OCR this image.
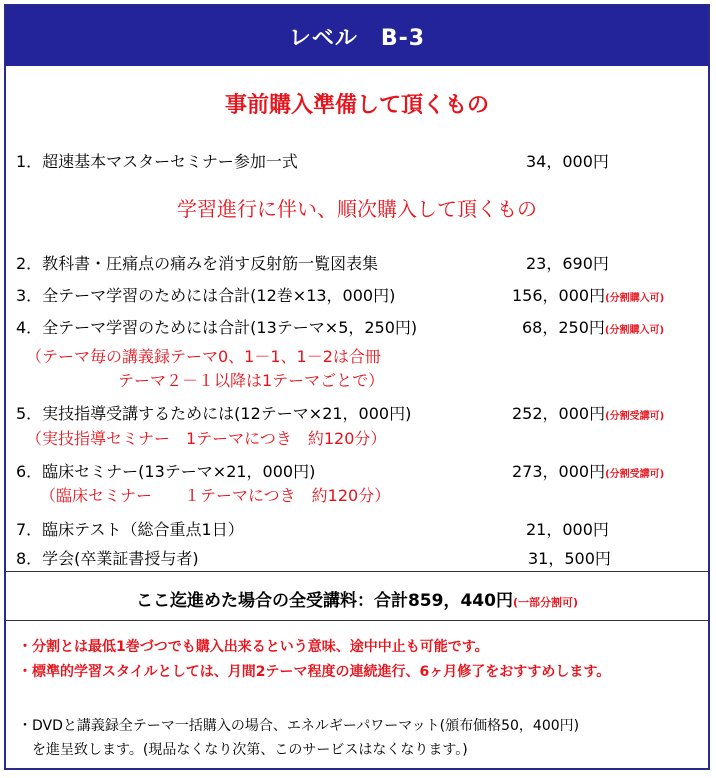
レベル　B-3
事前購入準備して頂くもの
1．超速基本マスターセミナー参加一式	34，000円
学習進行に伴い、順次購入して頂くもの
2．教科書・圧痛点の痛みを消す反射筋一覧図表集	23，690円
3．全テーマ学習のためには合計(12巻×13，000円)	156，000円(分割購入可)
4．全テーマ学習のためには合計(13テーマ×5，250円)	68，250円(分割購入可)
（テーマ毎の講義録テーマ0、1－1、1－2は合冊
テーマ２－１以降は1テーマごとで）
5．実技指導受講するためには(12テーマ×21，000円)	252，000円(分割受講可)
（実技指導セミナー　1テーマにつき　約120分）
6．臨床セミナー(13テーマ×21，000円)	273，000円(分割受講可)
（臨床セミナー　　１テーマにつき　約120分）
7．臨床テスト（総合重点1日）	21，000円
8．学会(卒業証書授与者)	31，500円
ここ迄進めた場合の全受講料：合計859，440円(一部分割可)
・分割とは最低1巻づつでも購入出来るという意味、途中中止も可能です。
・標準的学習スタイルとしては、月間2テーマ程度の連続進行、6ヶ月修了をおすすめします。
・DVDと講義録全テーマ一括購入の場合、エネルギーパワーマット(頒布価格50，400円)
　を進呈致します。(現品なくなり次第、このサービスはなくなります。)
